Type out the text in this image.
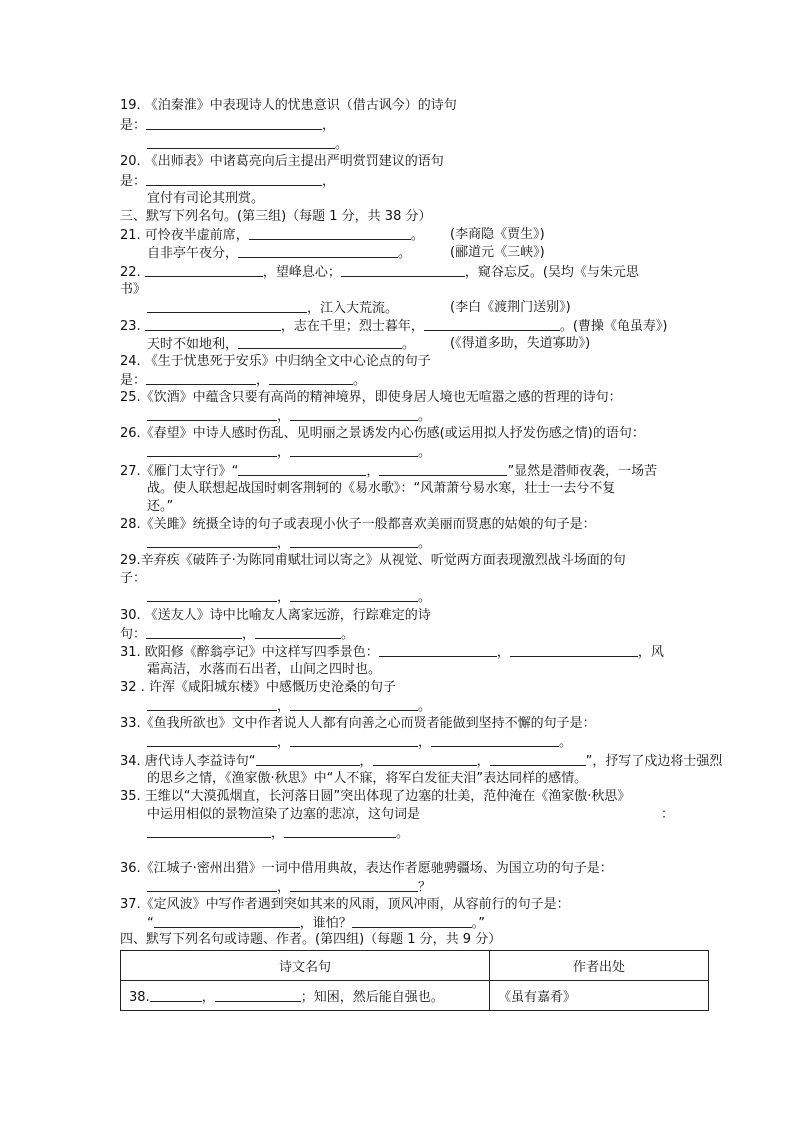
19. 《泊秦淮》中表现诗人的忧患意识（借古讽今）的诗句
是：	，
。
20. 《出师表》中诸葛亮向后主提出严明赏罚建议的语句
是：	，
宜付有司论其刑赏。
三、默写下列名句。(第三组)（每题 1 分，共 38 分）
21. 可怜夜半虚前席，	。 (李商隐《贾生》)
自非亭午夜分，	。	(郦道元《三峡》)
22.	，望峰息心；	，窥谷忘反。(吴均《与朱元思
书》
，江入大荒流。	(李白《渡荆门送别》)
23.	，志在千里；烈士暮年，	。(曹操《龟虽寿》)
天时不如地利，	。	(《得道多助，失道寡助》)
24. 《生于忧患死于安乐》中归纳全文中心论点的句子
是：	，	。
25.《饮酒》中蕴含只要有高尚的精神境界，即使身居人境也无喧嚣之感的哲理的诗句：
，	。
26.《春望》中诗人感时伤乱、见明丽之景诱发内心伤感(或运用拟人抒发伤感之情)的语句：
，	。
27.《雁门太守行》“	，	”显然是潜师夜袭，一场苦
战。使人联想起战国时刺客荆轲的《易水歌》：“风萧萧兮易水寒，壮士一去兮不复
还。”
28.《关雎》统摄全诗的句子或表现小伙子一般都喜欢美丽而贤惠的姑娘的句子是：
，	。
29.辛弃疾《破阵子·为陈同甫赋壮词以寄之》从视觉、听觉两方面表现激烈战斗场面的句
子：
，	。
30. 《送友人》诗中比喻友人离家远游，行踪难定的诗
句：	，	。
31. 欧阳修《醉翁亭记》中这样写四季景色：	，	，风
霜高洁，水落而石出者，山间之四时也。
32 . 许浑《咸阳城东楼》中感慨历史沧桑的句子
，	。
33.《鱼我所欲也》文中作者说人人都有向善之心而贤者能做到坚持不懈的句子是：
，	，	。
34. 唐代诗人李益诗句“	，	，	”，抒写了戍边将士强烈
的思乡之情，《渔家傲·秋思》中“人不寐，将军白发征夫泪”表达同样的感情。
35. 王维以“大漠孤烟直，长河落日圆”突出体现了边塞的壮美，范仲淹在《渔家傲·秋思》
中运用相似的景物渲染了边塞的悲凉，这句词是	：
，	。
36.《江城子·密州出猎》一词中借用典故，表达作者愿驰骋疆场、为国立功的句子是：
，	？
37.《定风波》中写作者遇到突如其来的风雨，顶风冲雨，从容前行的句子是：
“	，谁怕？	。”
四、默写下列名句或诗题、作者。(第四组)（每题 1 分，共 9 分）
诗文名句	作者出处
38. ， ；知困，然后能自强也。	《虽有嘉肴》
